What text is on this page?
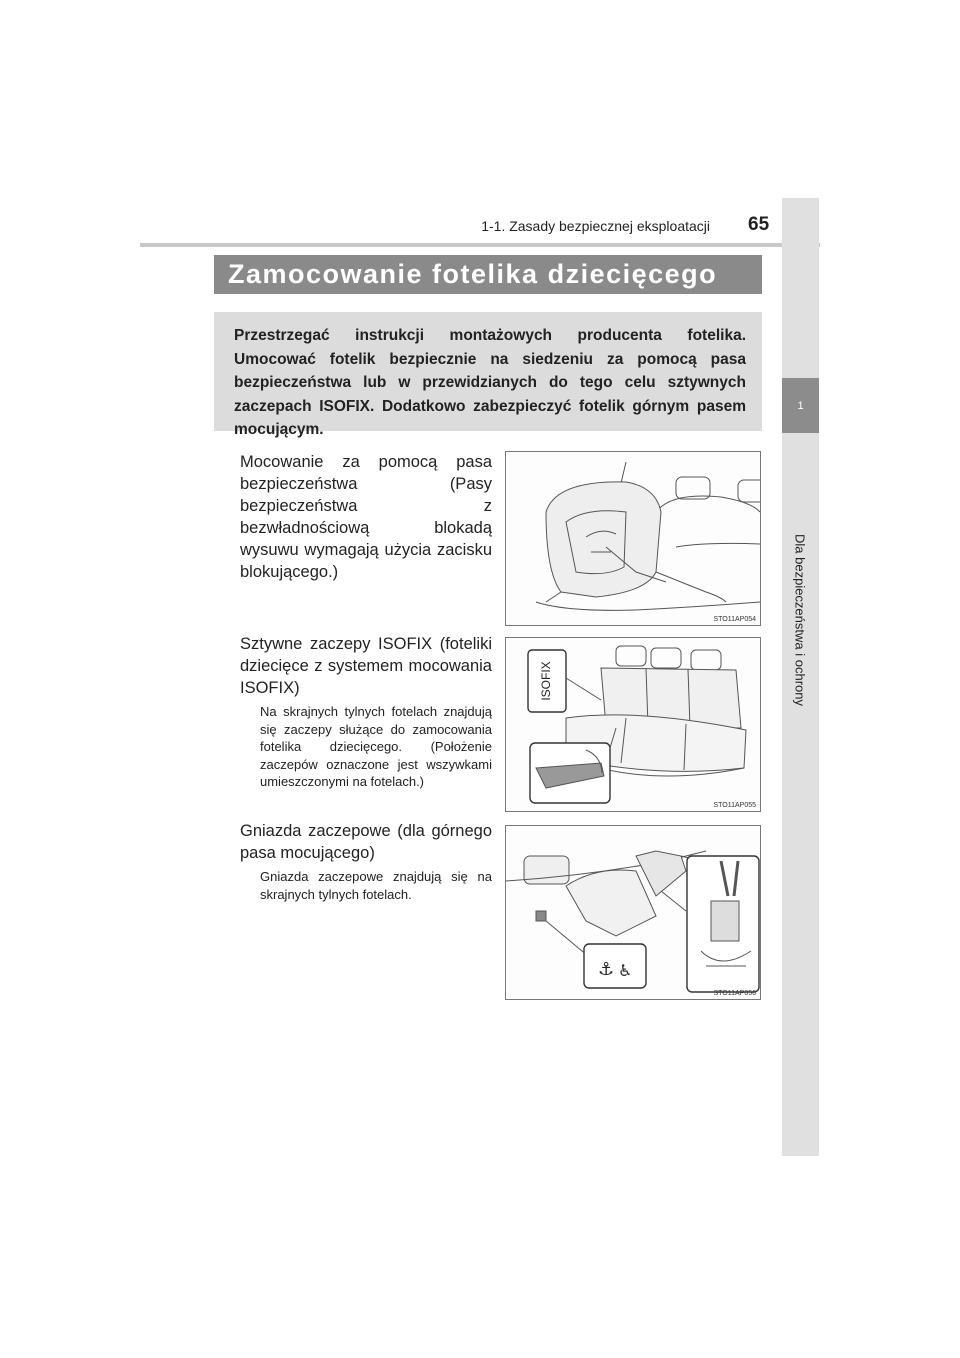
1-1. Zasady bezpiecznej eksploatacji 65
1
Dla bezpieczeństwa i ochrony
Zamocowanie fotelika dziecięcego
Przestrzegać instrukcji montażowych producenta fotelika. Umocować fotelik bezpiecznie na siedzeniu za pomocą pasa bezpieczeństwa lub w przewidzianych do tego celu sztywnych zaczepach ISOFIX. Dodatkowo zabezpieczyć fotelik górnym pasem mocującym.
Mocowanie za pomocą pasa bezpieczeństwa (Pasy bezpieczeństwa z bezwładnościową blokadą wysuwu wymagają użycia zacisku blokującego.)
STO11AP054
Sztywne zaczepy ISOFIX (foteliki dziecięce z systemem mocowania ISOFIX)
Na skrajnych tylnych fotelach znajdują się zaczepy służące do zamocowania fotelika dziecięcego. (Położenie zaczepów oznaczone jest wszywkami umieszczonymi na fotelach.)
ISOFIX
STO11AP055
Gniazda zaczepowe (dla górnego pasa mocującego)
Gniazda zaczepowe znajdują się na skrajnych tylnych fotelach.
⚓ ♿
STO11AP056
